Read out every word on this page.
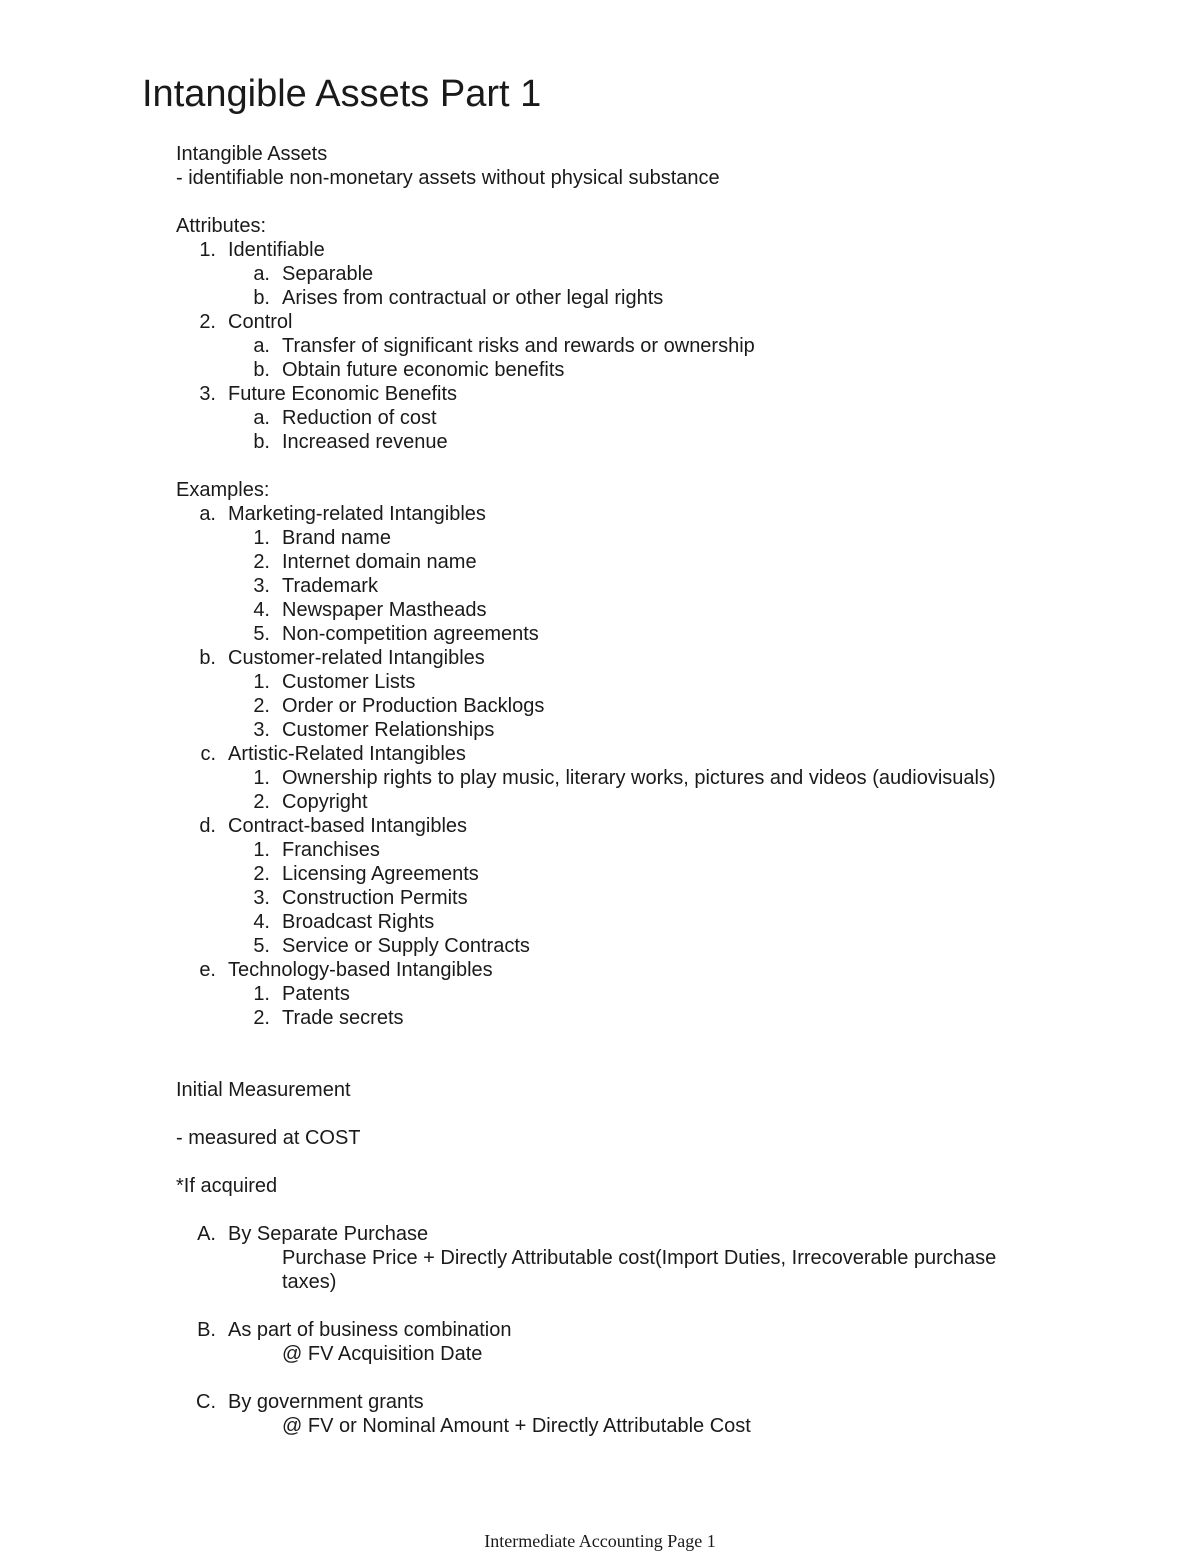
Intangible Assets Part 1
Intangible Assets
- identifiable non-monetary assets without physical substance
Attributes:
1. Identifiable
a. Separable
b. Arises from contractual or other legal rights
2. Control
a. Transfer of significant risks and rewards or ownership
b. Obtain future economic benefits
3. Future Economic Benefits
a. Reduction of cost
b. Increased revenue
Examples:
a. Marketing-related Intangibles
1. Brand name
2. Internet domain name
3. Trademark
4. Newspaper Mastheads
5. Non-competition agreements
b. Customer-related Intangibles
1. Customer Lists
2. Order or Production Backlogs
3. Customer Relationships
c. Artistic-Related Intangibles
1. Ownership rights to play music, literary works, pictures and videos (audiovisuals)
2. Copyright
d. Contract-based Intangibles
1. Franchises
2. Licensing Agreements
3. Construction Permits
4. Broadcast Rights
5. Service or Supply Contracts
e. Technology-based Intangibles
1. Patents
2. Trade secrets
Initial Measurement
- measured at COST
*If acquired
A. By Separate Purchase
Purchase Price + Directly Attributable cost(Import Duties, Irrecoverable purchase
taxes)
B. As part of business combination
@ FV Acquisition Date
C. By government grants
@ FV or Nominal Amount + Directly Attributable Cost
Intermediate Accounting Page 1
